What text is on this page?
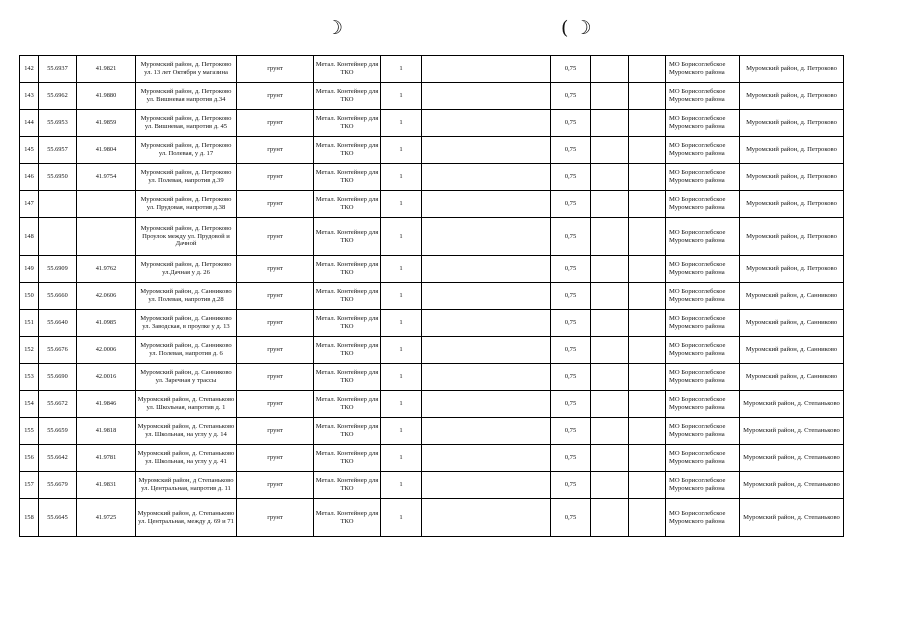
☽	( ☽
142	55.6937	41.9821	Муромский район, д. Петроково ул. 13 лет Октября у магазина	грунт	Метал. Контейнер для ТКО	1		0,75			МО Борисоглебское Муромского района	Муромский район, д. Петроково
143	55.6962	41.9880	Муромский район, д. Петроково ул. Вишневая напротив д.34	грунт	Метал. Контейнер для ТКО	1		0,75			МО Борисоглебское Муромского района	Муромский район, д. Петроково
144	55.6953	41.9859	Муромский район, д. Петроково ул. Вишневая, напротив д. 45	грунт	Метал. Контейнер для ТКО	1		0,75			МО Борисоглебское Муромского района	Муромский район, д. Петроково
145	55.6957	41.9804	Муромский район, д. Петроково ул. Полевая, у д. 17	грунт	Метал. Контейнер для ТКО	1		0,75			МО Борисоглебское Муромского района	Муромский район, д. Петроково
146	55.6950	41.9754	Муромский район, д. Петроково ул. Полевая, напротив д.39	грунт	Метал. Контейнер для ТКО	1		0,75			МО Борисоглебское Муромского района	Муромский район, д. Петроково
147			Муромский район, д. Петроково ул. Прудовая, напротив д.38	грунт	Метал. Контейнер для ТКО	1		0,75			МО Борисоглебское Муромского района	Муромский район, д. Петроково
148			Муромский район, д. Петроково Проулок между ул. Прудовой и Дачной	грунт	Метал. Контейнер для ТКО	1		0,75			МО Борисоглебское Муромского района	Муромский район, д. Петроково
149	55.6909	41.9762	Муромский район, д. Петроково ул.Дачная у д. 26	грунт	Метал. Контейнер для ТКО	1		0,75			МО Борисоглебское Муромского района	Муромский район, д. Петроково
150	55.6660	42.0606	Муромский район, д. Санниково ул. Полевая, напротив д.28	грунт	Метал. Контейнер для ТКО	1		0,75			МО Борисоглебское Муромского района	Муромский район, д. Санниково
151	55.6640	41.0985	Муромский район, д. Санниково ул. Заводская, в проулке у д. 13	грунт	Метал. Контейнер для ТКО	1		0,75			МО Борисоглебское Муромского района	Муромский район, д. Санниково
152	55.6676	42.0006	Муромский район, д. Санниково ул. Полевая, напротив д. 6	грунт	Метал. Контейнер для ТКО	1		0,75			МО Борисоглебское Муромского района	Муромский район, д. Санниково
153	55.6690	42.0016	Муромский район, д. Санниково ул. Заречная у трассы	грунт	Метал. Контейнер для ТКО	1		0,75			МО Борисоглебское Муромского района	Муромский район, д. Санниково
154	55.6672	41.9846	Муромский район, д. Степаньково ул. Школьная, напротив д. 1	грунт	Метал. Контейнер для ТКО	1		0,75			МО Борисоглебское Муромского района	Муромский район, д. Степаньково
155	55.6659	41.9818	Муромский район, д. Степаньково ул. Школьная, на углу у д. 14	грунт	Метал. Контейнер для ТКО	1		0,75			МО Борисоглебское Муромского района	Муромский район, д. Степаньково
156	55.6642	41.9781	Муромский район, д. Степаньково ул. Школьная, на углу у д. 41	грунт	Метал. Контейнер для ТКО	1		0,75			МО Борисоглебское Муромского района	Муромский район, д. Степаньково
157	55.6679	41.9831	Муромский район, д Степаньково ул. Центральная, напротив д. 11	грунт	Метал. Контейнер для ТКО	1		0,75			МО Борисоглебское Муромского района	Муромский район, д. Степаньково
158	55.6645	41.9725	Муромский район, д. Степаньково ул. Центральная, между д. 69 и 71	грунт	Метал. Контейнер для ТКО	1		0,75			МО Борисоглебское Муромского района	Муромский район, д. Степаньково
